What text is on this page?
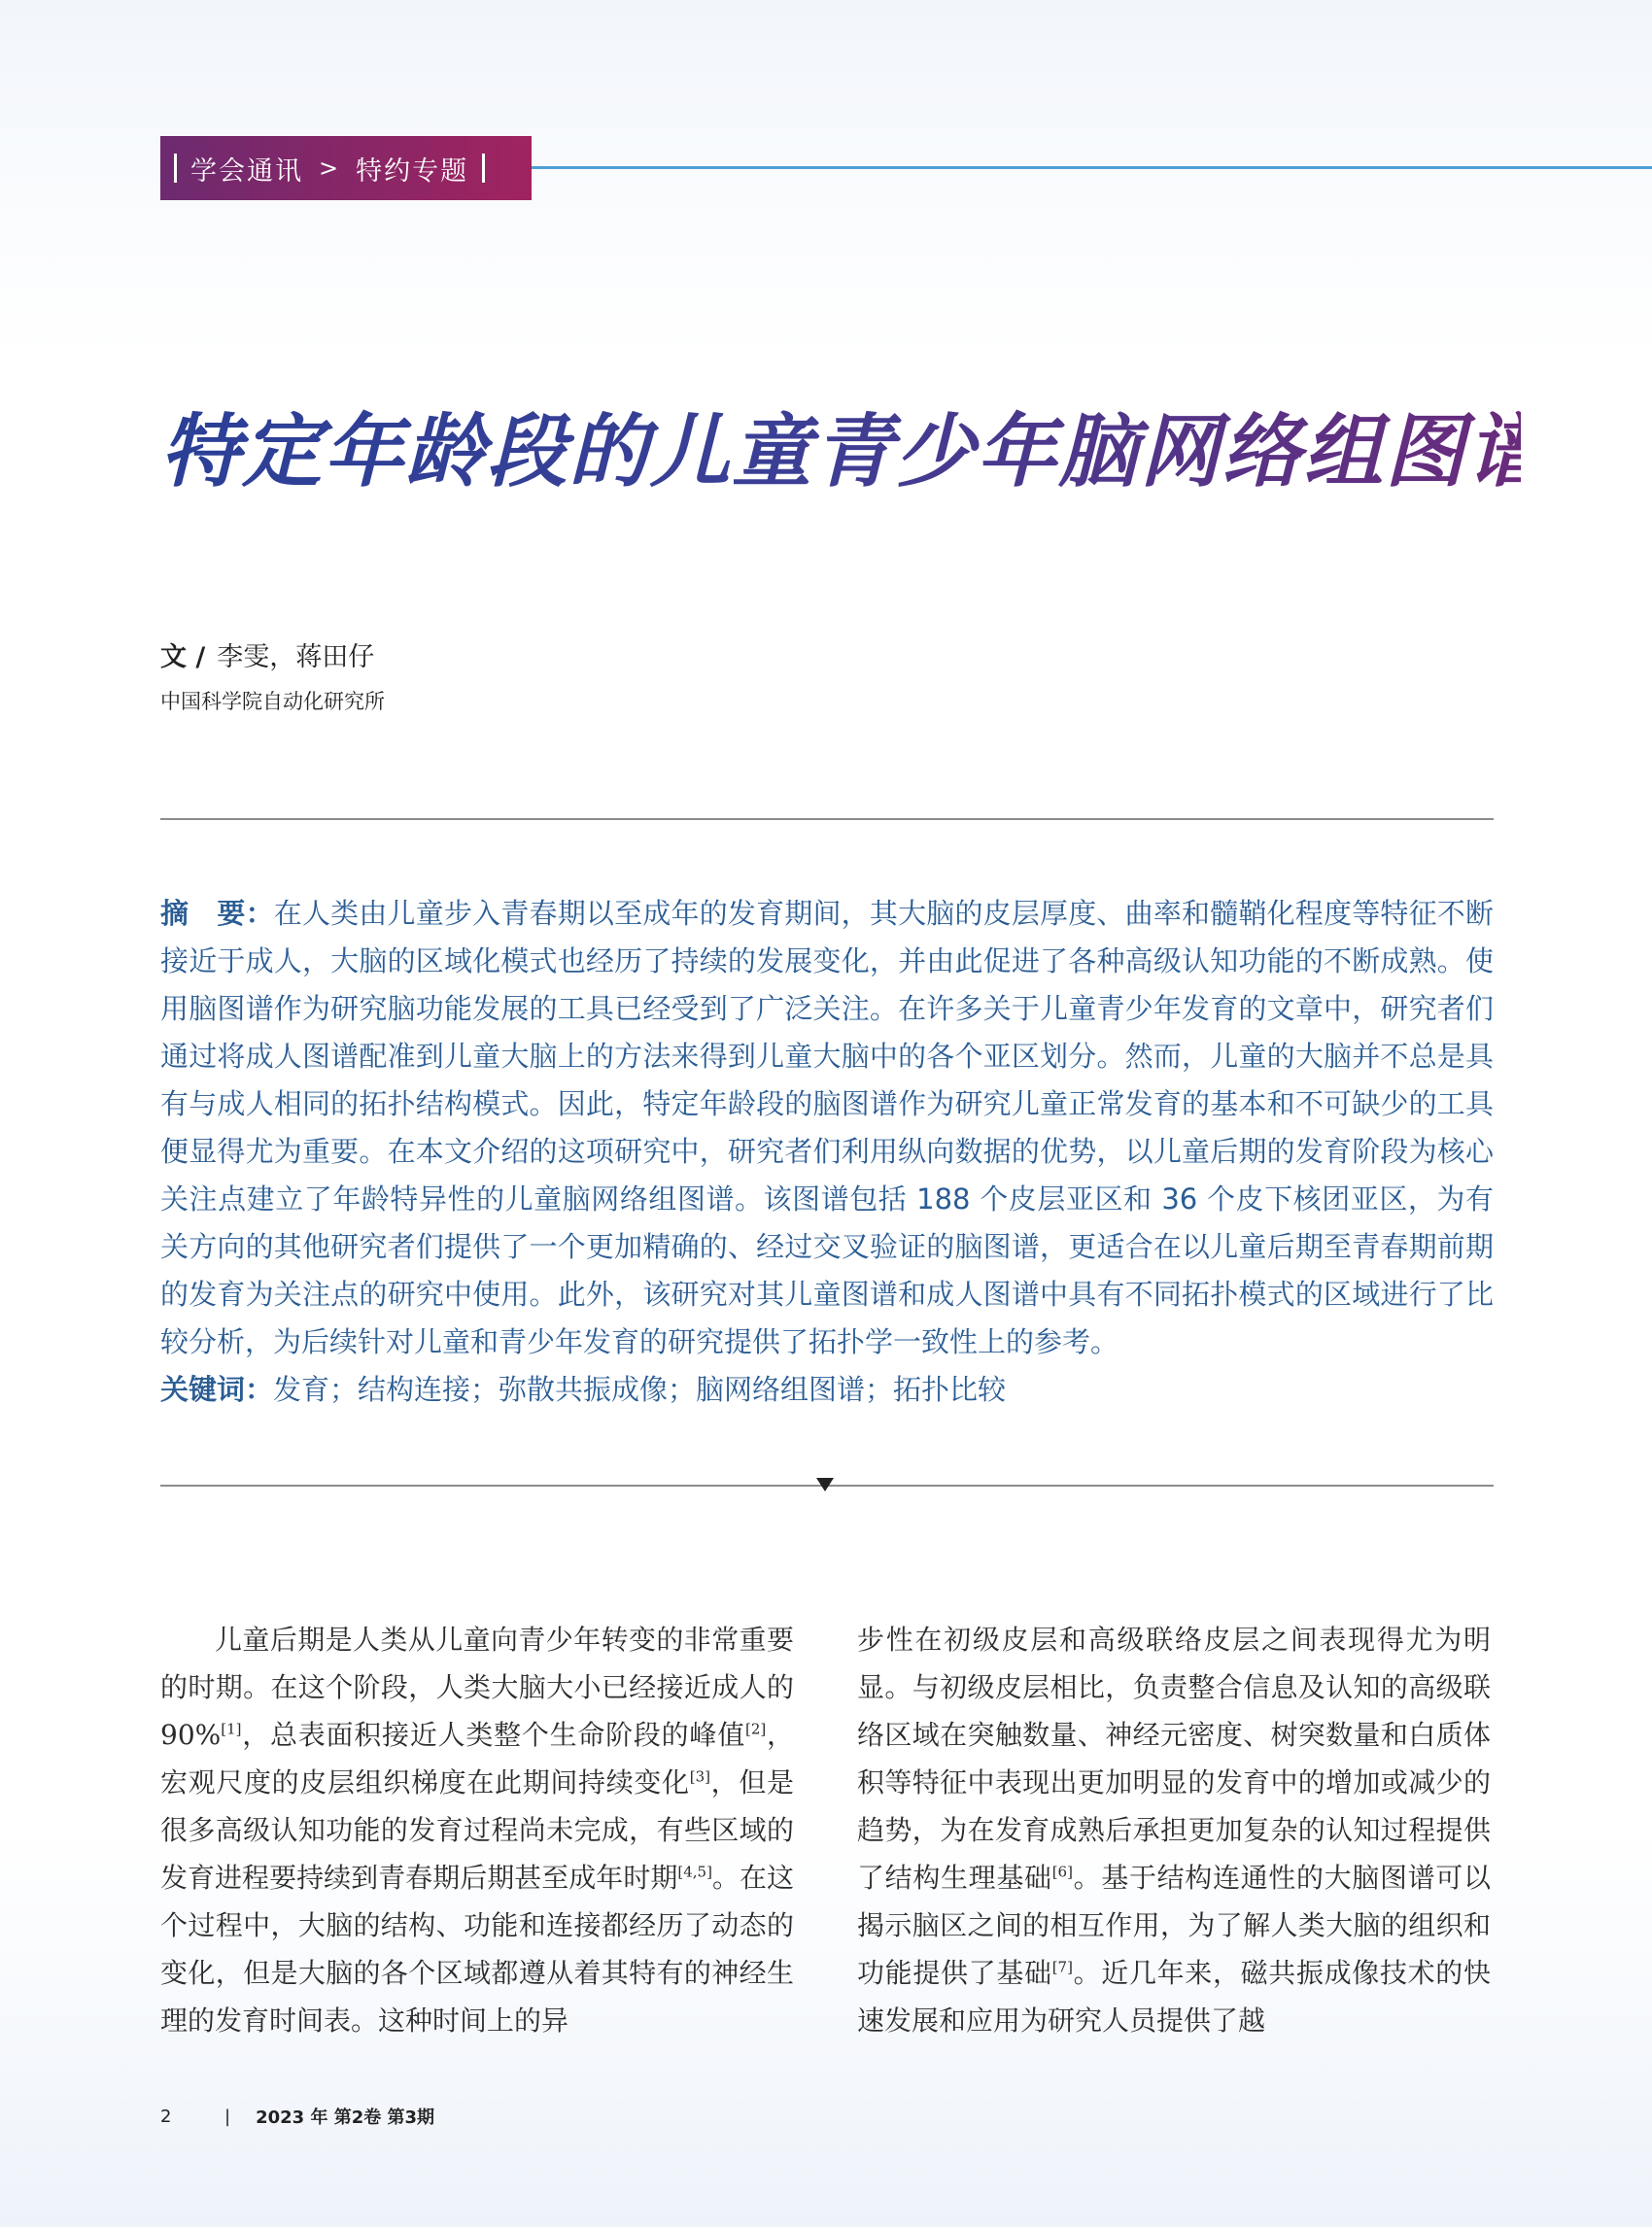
学会通讯 > 特约专题
特定年龄段的儿童青少年脑网络组图谱
文 / 李雯，蒋田仔
中国科学院自动化研究所
摘　要：在人类由儿童步入青春期以至成年的发育期间，其大脑的皮层厚度、曲率和髓鞘化程度等特征不断接近于成人，大脑的区域化模式也经历了持续的发展变化，并由此促进了各种高级认知功能的不断成熟。使用脑图谱作为研究脑功能发展的工具已经受到了广泛关注。在许多关于儿童青少年发育的文章中，研究者们通过将成人图谱配准到儿童大脑上的方法来得到儿童大脑中的各个亚区划分。然而，儿童的大脑并不总是具有与成人相同的拓扑结构模式。因此，特定年龄段的脑图谱作为研究儿童正常发育的基本和不可缺少的工具便显得尤为重要。在本文介绍的这项研究中，研究者们利用纵向数据的优势，以儿童后期的发育阶段为核心关注点建立了年龄特异性的儿童脑网络组图谱。该图谱包括 188 个皮层亚区和 36 个皮下核团亚区，为有关方向的其他研究者们提供了一个更加精确的、经过交叉验证的脑图谱，更适合在以儿童后期至青春期前期的发育为关注点的研究中使用。此外，该研究对其儿童图谱和成人图谱中具有不同拓扑模式的区域进行了比较分析，为后续针对儿童和青少年发育的研究提供了拓扑学一致性上的参考。
关键词：发育；结构连接；弥散共振成像；脑网络组图谱；拓扑比较
儿童后期是人类从儿童向青少年转变的非常重要的时期。在这个阶段，人类大脑大小已经接近成人的 90%[1]，总表面积接近人类整个生命阶段的峰值[2]，宏观尺度的皮层组织梯度在此期间持续变化[3]，但是很多高级认知功能的发育过程尚未完成，有些区域的发育进程要持续到青春期后期甚至成年时期[4,5]。在这个过程中，大脑的结构、功能和连接都经历了动态的变化，但是大脑的各个区域都遵从着其特有的神经生理的发育时间表。这种时间上的异
步性在初级皮层和高级联络皮层之间表现得尤为明显。与初级皮层相比，负责整合信息及认知的高级联络区域在突触数量、神经元密度、树突数量和白质体积等特征中表现出更加明显的发育中的增加或减少的趋势，为在发育成熟后承担更加复杂的认知过程提供了结构生理基础[6]。基于结构连通性的大脑图谱可以揭示脑区之间的相互作用，为了解人类大脑的组织和功能提供了基础[7]。近几年来，磁共振成像技术的快速发展和应用为研究人员提供了越
2	| 2023 年 第2卷 第3期
